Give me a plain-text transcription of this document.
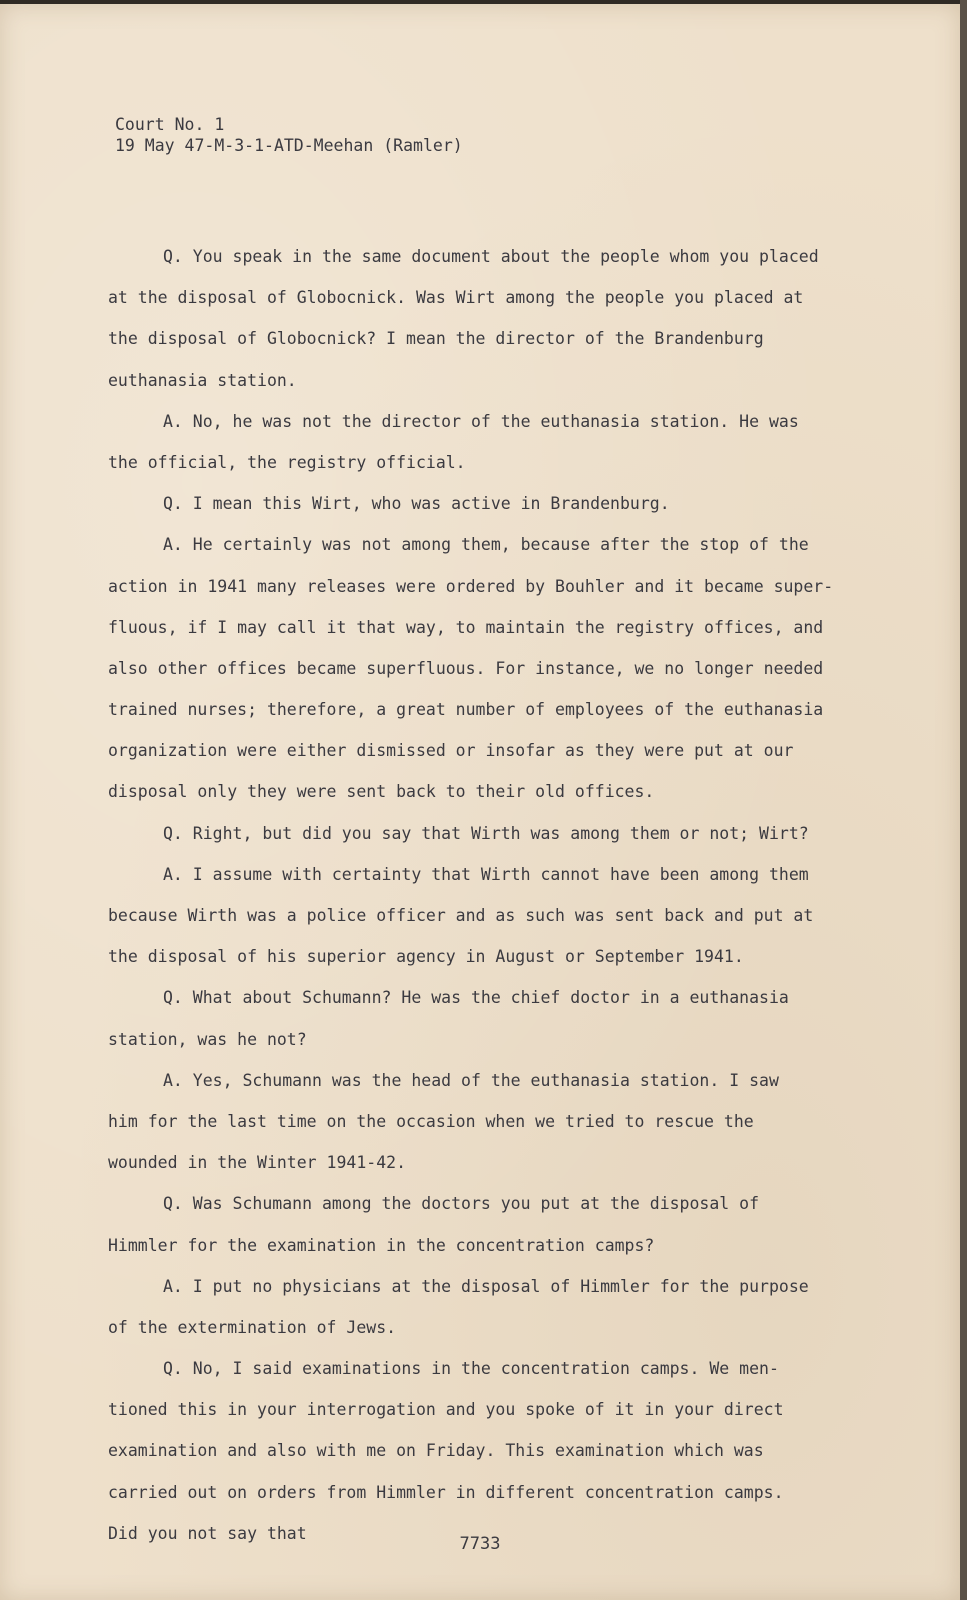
Court No. 1
19 May 47-M-3-1-ATD-Meehan (Ramler)
Q. You speak in the same document about the people whom you placed
at the disposal of Globocnick. Was Wirt among the people you placed at
the disposal of Globocnick? I mean the director of the Brandenburg
euthanasia station.
A. No, he was not the director of the euthanasia station. He was
the official, the registry official.
Q. I mean this Wirt, who was active in Brandenburg.
A. He certainly was not among them, because after the stop of the
action in 1941 many releases were ordered by Bouhler and it became super-
fluous, if I may call it that way, to maintain the registry offices, and
also other offices became superfluous. For instance, we no longer needed
trained nurses; therefore, a great number of employees of the euthanasia
organization were either dismissed or insofar as they were put at our
disposal only they were sent back to their old offices.
Q. Right, but did you say that Wirth was among them or not; Wirt?
A. I assume with certainty that Wirth cannot have been among them
because Wirth was a police officer and as such was sent back and put at
the disposal of his superior agency in August or September 1941.
Q. What about Schumann? He was the chief doctor in a euthanasia
station, was he not?
A. Yes, Schumann was the head of the euthanasia station. I saw
him for the last time on the occasion when we tried to rescue the
wounded in the Winter 1941-42.
Q. Was Schumann among the doctors you put at the disposal of
Himmler for the examination in the concentration camps?
A. I put no physicians at the disposal of Himmler for the purpose
of the extermination of Jews.
Q. No, I said examinations in the concentration camps. We men-
tioned this in your interrogation and you spoke of it in your direct
examination and also with me on Friday. This examination which was
carried out on orders from Himmler in different concentration camps.
Did you not say that
7733
